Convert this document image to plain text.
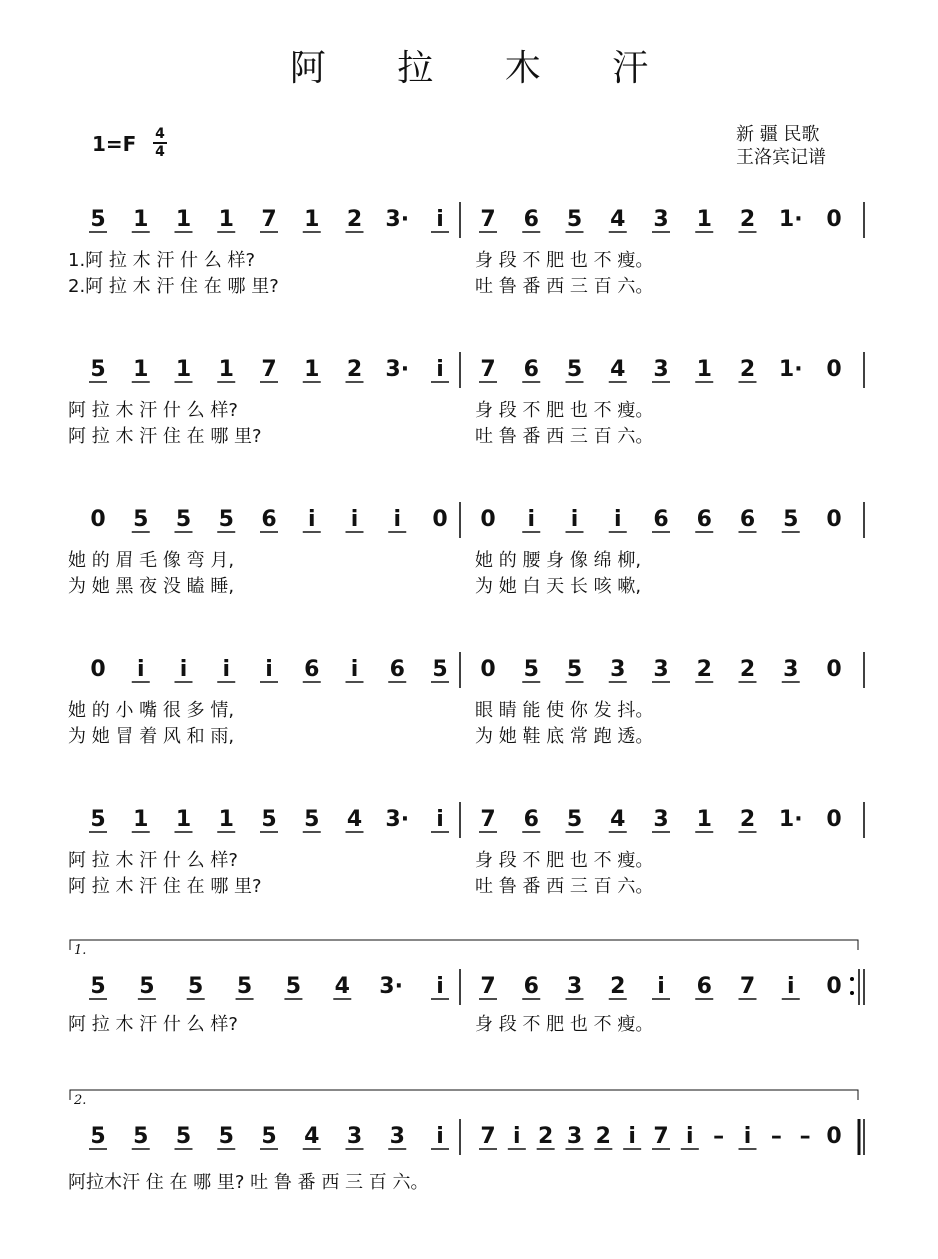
阿 拉 木 汗
1=F	4
4
新 疆 民歌
王洛宾记谱
5 1 1 1 7 1 2 3· i 7 6 5 4 3 1 2 1· 0
1.阿 拉 木 汗 什 么 样?
2.阿 拉 木 汗 住 在 哪 里?
身 段 不 肥 也 不 瘦。
吐 鲁 番 西 三 百 六。
5 1 1 1 7 1 2 3· i 7 6 5 4 3 1 2 1· 0
阿 拉 木 汗 什 么 样?
阿 拉 木 汗 住 在 哪 里?
身 段 不 肥 也 不 瘦。
吐 鲁 番 西 三 百 六。
0 5 5 5 6 i i i 0 0 i i i 6 6 6 5 0
她 的 眉 毛 像 弯 月,
为 她 黑 夜 没 瞌 睡,
她 的 腰 身 像 绵 柳,
为 她 白 天 长 咳 嗽,
0 i i i i 6 i 6 5 0 5 5 3 3 2 2 3 0
她 的 小 嘴 很 多 情,
为 她 冒 着 风 和 雨,
眼 睛 能 使 你 发 抖。
为 她 鞋 底 常 跑 透。
5 1 1 1 5 5 4 3· i 7 6 5 4 3 1 2 1· 0
阿 拉 木 汗 什 么 样?
阿 拉 木 汗 住 在 哪 里?
身 段 不 肥 也 不 瘦。
吐 鲁 番 西 三 百 六。
5 5 5 5 5 4 3· i 7 6 3 2 i 6 7 i 0
1.
阿 拉 木 汗 什 么 样?	身 段 不 肥 也 不 瘦。
5 5 5 5 5 4 3 3 i 7 i 2 3 2 i 7 i – i – – 0
2.
阿拉木汗 住 在 哪 里? 吐 鲁 番 西 三 百 六。
